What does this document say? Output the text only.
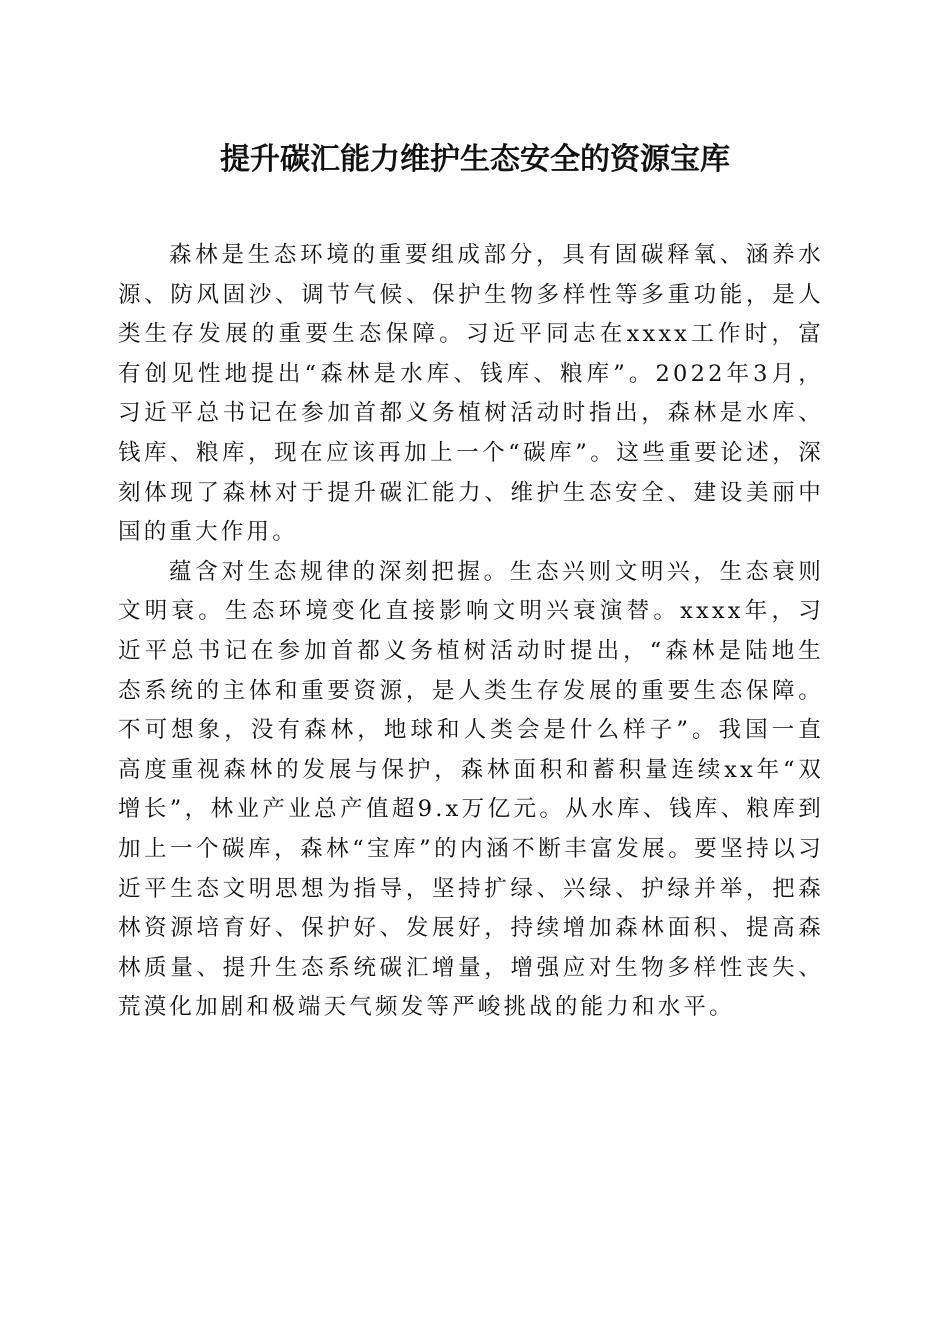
提升碳汇能力维护生态安全的资源宝库

森林是生态环境的重要组成部分，具有固碳释氧、涵养水源、防风固沙、调节气候、保护生物多样性等多重功能，是人类生存发展的重要生态保障。习近平同志在xxxx工作时，富有创见性地提出“森林是水库、钱库、粮库”。2022年3月，习近平总书记在参加首都义务植树活动时指出，森林是水库、钱库、粮库，现在应该再加上一个“碳库”。这些重要论述，深刻体现了森林对于提升碳汇能力、维护生态安全、建设美丽中国的重大作用。

蕴含对生态规律的深刻把握。生态兴则文明兴，生态衰则文明衰。生态环境变化直接影响文明兴衰演替。xxxx年，习近平总书记在参加首都义务植树活动时提出，“森林是陆地生态系统的主体和重要资源，是人类生存发展的重要生态保障。不可想象，没有森林，地球和人类会是什么样子”。我国一直高度重视森林的发展与保护，森林面积和蓄积量连续xx年“双增长”，林业产业总产值超9.x万亿元。从水库、钱库、粮库到加上一个碳库，森林“宝库”的内涵不断丰富发展。要坚持以习近平生态文明思想为指导，坚持扩绿、兴绿、护绿并举，把森林资源培育好、保护好、发展好，持续增加森林面积、提高森林质量、提升生态系统碳汇增量，增强应对生物多样性丧失、荒漠化加剧和极端天气频发等严峻挑战的能力和水平。
